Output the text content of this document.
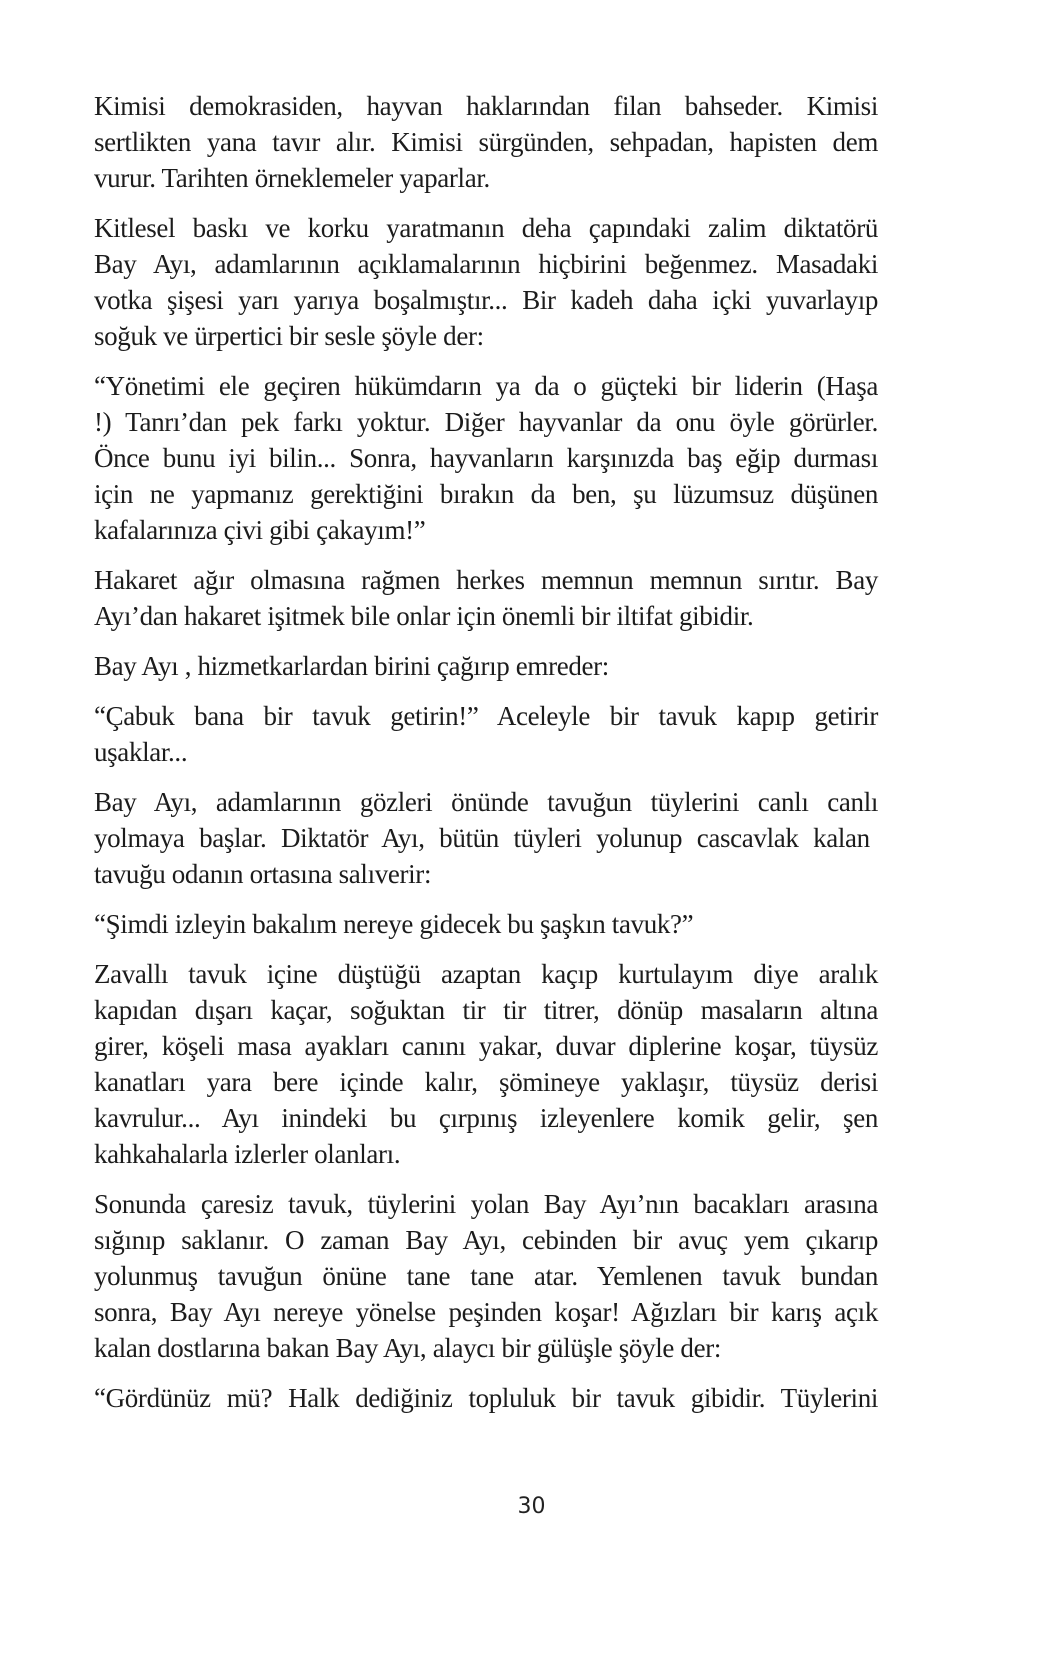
Kimisi demokrasiden, hayvan haklarından filan bahseder. Kimisi
sertlikten yana tavır alır. Kimisi sürgünden, sehpadan, hapisten dem
vurur. Tarihten örneklemeler yaparlar.
Kitlesel baskı ve korku yaratmanın deha çapındaki zalim diktatörü
Bay Ayı, adamlarının açıklamalarının hiçbirini beğenmez. Masadaki
votka şişesi yarı yarıya boşalmıştır... Bir kadeh daha içki yuvarlayıp
soğuk ve ürpertici bir sesle şöyle der:
“Yönetimi ele geçiren hükümdarın ya da o güçteki bir liderin (Haşa
!) Tanrı’dan pek farkı yoktur. Diğer hayvanlar da onu öyle görürler.
Önce bunu iyi bilin... Sonra, hayvanların karşınızda baş eğip durması
için ne yapmanız gerektiğini bırakın da ben, şu lüzumsuz düşünen
kafalarınıza çivi gibi çakayım!”
Hakaret ağır olmasına rağmen herkes memnun memnun sırıtır. Bay
Ayı’dan hakaret işitmek bile onlar için önemli bir iltifat gibidir.
Bay Ayı , hizmetkarlardan birini çağırıp emreder:
“Çabuk bana bir tavuk getirin!” Aceleyle bir tavuk kapıp getirir
uşaklar...
Bay Ayı, adamlarının gözleri önünde tavuğun tüylerini canlı canlı
yolmaya başlar. Diktatör Ayı, bütün tüyleri yolunup cascavlak kalan
tavuğu odanın ortasına salıverir:
“Şimdi izleyin bakalım nereye gidecek bu şaşkın tavuk?”
Zavallı tavuk içine düştüğü azaptan kaçıp kurtulayım diye aralık
kapıdan dışarı kaçar, soğuktan tir tir titrer, dönüp masaların altına
girer, köşeli masa ayakları canını yakar, duvar diplerine koşar, tüysüz
kanatları yara bere içinde kalır, şömineye yaklaşır, tüysüz derisi
kavrulur... Ayı inindeki bu çırpınış izleyenlere komik gelir, şen
kahkahalarla izlerler olanları.
Sonunda çaresiz tavuk, tüylerini yolan Bay Ayı’nın bacakları arasına
sığınıp saklanır. O zaman Bay Ayı, cebinden bir avuç yem çıkarıp
yolunmuş tavuğun önüne tane tane atar. Yemlenen tavuk bundan
sonra, Bay Ayı nereye yönelse peşinden koşar! Ağızları bir karış açık
kalan dostlarına bakan Bay Ayı, alaycı bir gülüşle şöyle der:
“Gördünüz mü? Halk dediğiniz topluluk bir tavuk gibidir. Tüylerini
30
